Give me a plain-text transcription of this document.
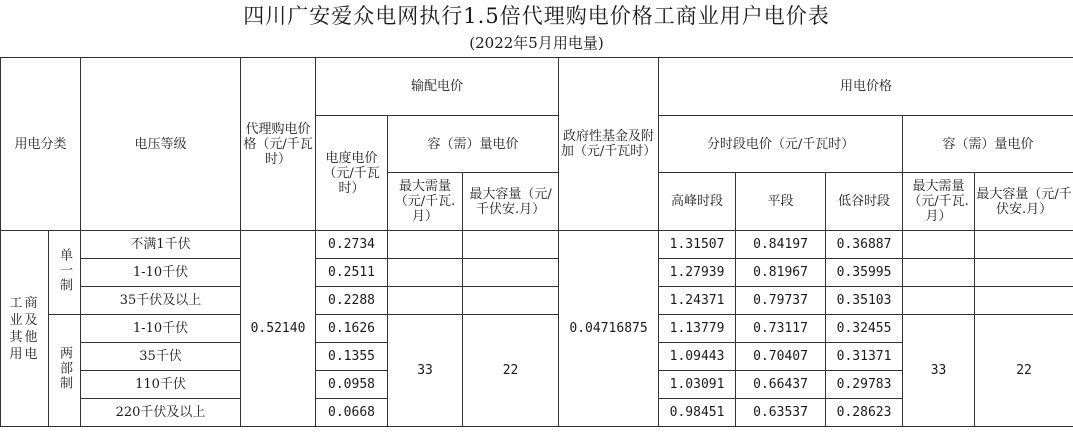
四川广安爱众电网执行1.5倍代理购电价格工商业用户电价表
(2022年5月用电量)
用电分类		电压等级	代理购电价格（元/千瓦时）	输配电价			政府性基金及附加（元/千瓦时）	用电价格				
				电度电价（元/千瓦时）	容（需）量电价			分时段电价（元/千瓦时）			容（需）量电价	
					最大需量（元/千瓦.月）	最大容量（元/千伏安.月）		高峰时段	平段	低谷时段	最大需量（元/千瓦.月）	最大容量（元/千伏安.月）

工商业及其他用电	单一制	不满1千伏	0.52140	0.2734			0.04716875	1.31507	0.84197	0.36887		
		1-10千伏		0.2511				1.27939	0.81967	0.35995		
		35千伏及以上		0.2288				1.24371	0.79737	0.35103		
	两部制	1-10千伏		0.1626	33	22		1.13779	0.73117	0.32455	33	22
		35千伏		0.1355				1.09443	0.70407	0.31371		
		110千伏		0.0958				1.03091	0.66437	0.29783		
		220千伏及以上		0.0668				0.98451	0.63537	0.28623		
